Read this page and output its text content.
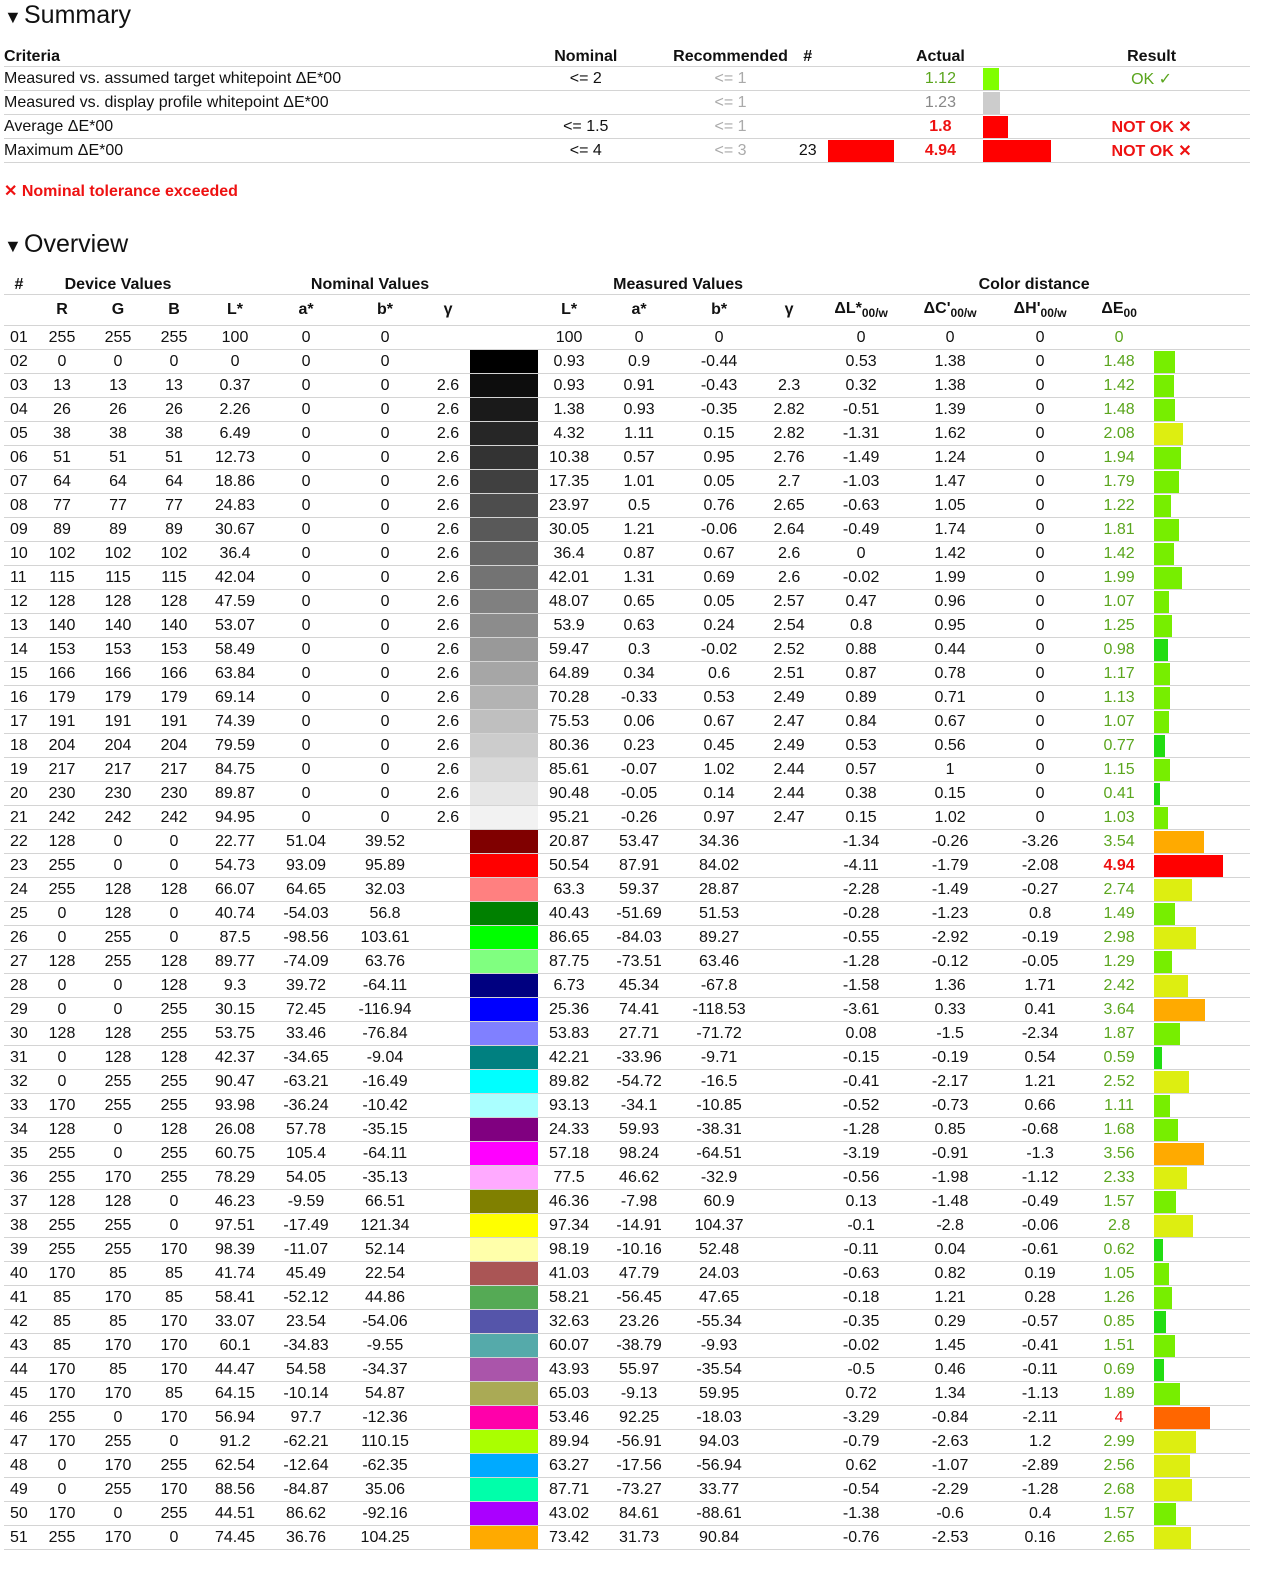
▼Summary
Criteria	Nominal	Recommended	#		Actual		Result
Measured vs. assumed target whitepoint ΔE*00	<= 2	<= 1			1.12		OK ✓
Measured vs. display profile whitepoint ΔE*00		<= 1			1.23		
Average ΔE*00	<= 1.5	<= 1			1.8		NOT OK ✕
Maximum ΔE*00	<= 4	<= 3	23		4.94		NOT OK ✕
✕ Nominal tolerance exceeded
▼Overview
#	Device Values			Nominal Values					Measured Values				Color distance				
	R	G	B	L*	a*	b*	γ		L*	a*	b*	γ	$\Delta L*_{00/w}$	$\Delta C'_{00/w}$	$\Delta H'_{00/w}$	$\Delta E_{00}$	
01	255	255	255	100	0	0			100	0	0		0	0	0	0	
02	0	0	0	0	0	0			0.93	0.9	-0.44		0.53	1.38	0	1.48	
03	13	13	13	0.37	0	0	2.6		0.93	0.91	-0.43	2.3	0.32	1.38	0	1.42	
04	26	26	26	2.26	0	0	2.6		1.38	0.93	-0.35	2.82	-0.51	1.39	0	1.48	
05	38	38	38	6.49	0	0	2.6		4.32	1.11	0.15	2.82	-1.31	1.62	0	2.08	
06	51	51	51	12.73	0	0	2.6		10.38	0.57	0.95	2.76	-1.49	1.24	0	1.94	
07	64	64	64	18.86	0	0	2.6		17.35	1.01	0.05	2.7	-1.03	1.47	0	1.79	
08	77	77	77	24.83	0	0	2.6		23.97	0.5	0.76	2.65	-0.63	1.05	0	1.22	
09	89	89	89	30.67	0	0	2.6		30.05	1.21	-0.06	2.64	-0.49	1.74	0	1.81	
10	102	102	102	36.4	0	0	2.6		36.4	0.87	0.67	2.6	0	1.42	0	1.42	
11	115	115	115	42.04	0	0	2.6		42.01	1.31	0.69	2.6	-0.02	1.99	0	1.99	
12	128	128	128	47.59	0	0	2.6		48.07	0.65	0.05	2.57	0.47	0.96	0	1.07	
13	140	140	140	53.07	0	0	2.6		53.9	0.63	0.24	2.54	0.8	0.95	0	1.25	
14	153	153	153	58.49	0	0	2.6		59.47	0.3	-0.02	2.52	0.88	0.44	0	0.98	
15	166	166	166	63.84	0	0	2.6		64.89	0.34	0.6	2.51	0.87	0.78	0	1.17	
16	179	179	179	69.14	0	0	2.6		70.28	-0.33	0.53	2.49	0.89	0.71	0	1.13	
17	191	191	191	74.39	0	0	2.6		75.53	0.06	0.67	2.47	0.84	0.67	0	1.07	
18	204	204	204	79.59	0	0	2.6		80.36	0.23	0.45	2.49	0.53	0.56	0	0.77	
19	217	217	217	84.75	0	0	2.6		85.61	-0.07	1.02	2.44	0.57	1	0	1.15	
20	230	230	230	89.87	0	0	2.6		90.48	-0.05	0.14	2.44	0.38	0.15	0	0.41	
21	242	242	242	94.95	0	0	2.6		95.21	-0.26	0.97	2.47	0.15	1.02	0	1.03	
22	128	0	0	22.77	51.04	39.52			20.87	53.47	34.36		-1.34	-0.26	-3.26	3.54	
23	255	0	0	54.73	93.09	95.89			50.54	87.91	84.02		-4.11	-1.79	-2.08	4.94	
24	255	128	128	66.07	64.65	32.03			63.3	59.37	28.87		-2.28	-1.49	-0.27	2.74	
25	0	128	0	40.74	-54.03	56.8			40.43	-51.69	51.53		-0.28	-1.23	0.8	1.49	
26	0	255	0	87.5	-98.56	103.61			86.65	-84.03	89.27		-0.55	-2.92	-0.19	2.98	
27	128	255	128	89.77	-74.09	63.76			87.75	-73.51	63.46		-1.28	-0.12	-0.05	1.29	
28	0	0	128	9.3	39.72	-64.11			6.73	45.34	-67.8		-1.58	1.36	1.71	2.42	
29	0	0	255	30.15	72.45	-116.94			25.36	74.41	-118.53		-3.61	0.33	0.41	3.64	
30	128	128	255	53.75	33.46	-76.84			53.83	27.71	-71.72		0.08	-1.5	-2.34	1.87	
31	0	128	128	42.37	-34.65	-9.04			42.21	-33.96	-9.71		-0.15	-0.19	0.54	0.59	
32	0	255	255	90.47	-63.21	-16.49			89.82	-54.72	-16.5		-0.41	-2.17	1.21	2.52	
33	170	255	255	93.98	-36.24	-10.42			93.13	-34.1	-10.85		-0.52	-0.73	0.66	1.11	
34	128	0	128	26.08	57.78	-35.15			24.33	59.93	-38.31		-1.28	0.85	-0.68	1.68	
35	255	0	255	60.75	105.4	-64.11			57.18	98.24	-64.51		-3.19	-0.91	-1.3	3.56	
36	255	170	255	78.29	54.05	-35.13			77.5	46.62	-32.9		-0.56	-1.98	-1.12	2.33	
37	128	128	0	46.23	-9.59	66.51			46.36	-7.98	60.9		0.13	-1.48	-0.49	1.57	
38	255	255	0	97.51	-17.49	121.34			97.34	-14.91	104.37		-0.1	-2.8	-0.06	2.8	
39	255	255	170	98.39	-11.07	52.14			98.19	-10.16	52.48		-0.11	0.04	-0.61	0.62	
40	170	85	85	41.74	45.49	22.54			41.03	47.79	24.03		-0.63	0.82	0.19	1.05	
41	85	170	85	58.41	-52.12	44.86			58.21	-56.45	47.65		-0.18	1.21	0.28	1.26	
42	85	85	170	33.07	23.54	-54.06			32.63	23.26	-55.34		-0.35	0.29	-0.57	0.85	
43	85	170	170	60.1	-34.83	-9.55			60.07	-38.79	-9.93		-0.02	1.45	-0.41	1.51	
44	170	85	170	44.47	54.58	-34.37			43.93	55.97	-35.54		-0.5	0.46	-0.11	0.69	
45	170	170	85	64.15	-10.14	54.87			65.03	-9.13	59.95		0.72	1.34	-1.13	1.89	
46	255	0	170	56.94	97.7	-12.36			53.46	92.25	-18.03		-3.29	-0.84	-2.11	4	
47	170	255	0	91.2	-62.21	110.15			89.94	-56.91	94.03		-0.79	-2.63	1.2	2.99	
48	0	170	255	62.54	-12.64	-62.35			63.27	-17.56	-56.94		0.62	-1.07	-2.89	2.56	
49	0	255	170	88.56	-84.87	35.06			87.71	-73.27	33.77		-0.54	-2.29	-1.28	2.68	
50	170	0	255	44.51	86.62	-92.16			43.02	84.61	-88.61		-1.38	-0.6	0.4	1.57	
51	255	170	0	74.45	36.76	104.25			73.42	31.73	90.84		-0.76	-2.53	0.16	2.65	
